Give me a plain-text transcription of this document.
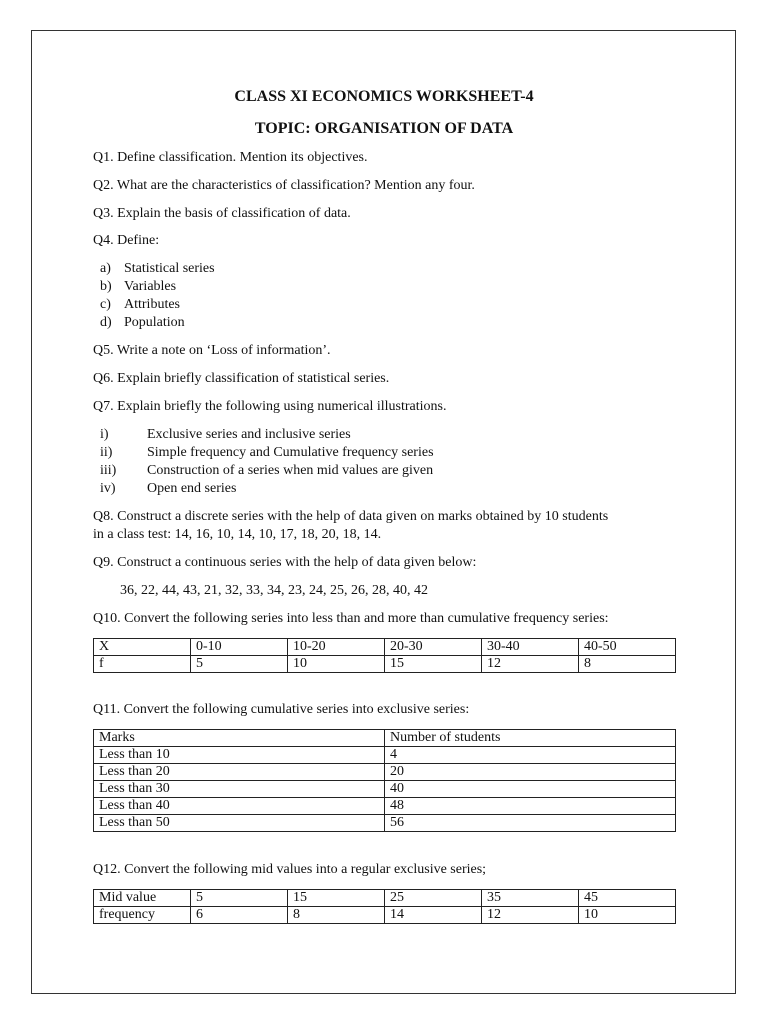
CLASS XI ECONOMICS WORKSHEET-4
TOPIC: ORGANISATION OF DATA
Q1. Define classification. Mention its objectives.
Q2. What are the characteristics of classification? Mention any four.
Q3. Explain the basis of classification of data.
Q4. Define:
a) Statistical series
b) Variables
c) Attributes
d) Population
Q5. Write a note on ‘Loss of information’.
Q6. Explain briefly classification of statistical series.
Q7. Explain briefly the following using numerical illustrations.
i)	Exclusive series and inclusive series
ii) Simple frequency and Cumulative frequency series
iii) Construction of a series when mid values are given
iv) Open end series
Q8. Construct a discrete series with the help of data given on marks obtained by 10 students
in a class test: 14, 16, 10, 14, 10, 17, 18, 20, 18, 14.
Q9. Construct a continuous series with the help of data given below:
36, 22, 44, 43, 21, 32, 33, 34, 23, 24, 25, 26, 28, 40, 42
Q10. Convert the following series into less than and more than cumulative frequency series:
X	0-10	10-20	20-30	30-40	40-50
f	5	10	15	12	8
Q11. Convert the following cumulative series into exclusive series:
Marks	Number of students
Less than 10	4
Less than 20	20
Less than 30	40
Less than 40	48
Less than 50	56
Q12. Convert the following mid values into a regular exclusive series;
Mid value	5	15	25	35	45
frequency	6	8	14	12	10
